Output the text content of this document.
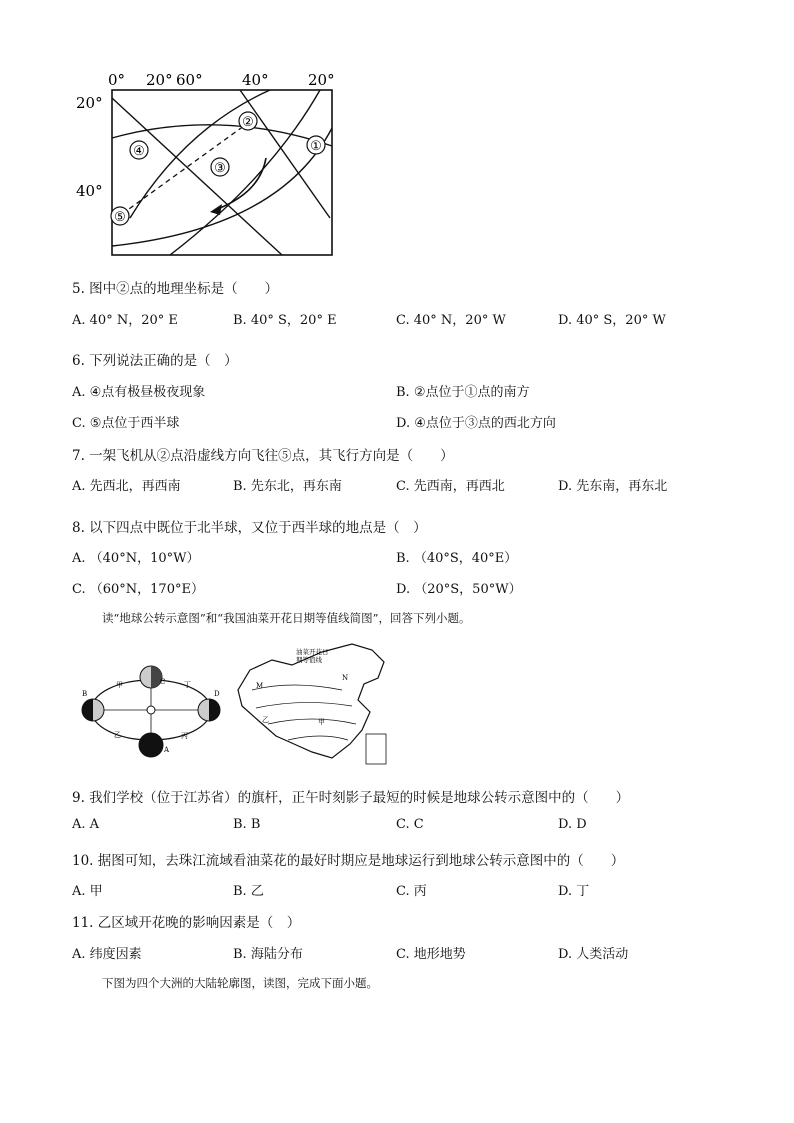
0° 20° 60°	40°	20°
20°
40°
②
①
④
③
⑤
5. 图中②点的地理坐标是（　　）
A. 40° N，20° E	B. 40° S，20° E	C. 40° N，20° W	D. 40° S，20° W
6. 下列说法正确的是（　）
A. ④点有极昼极夜现象	B. ②点位于①点的南方
C. ⑤点位于西半球	D. ④点位于③点的西北方向
7. 一架飞机从②点沿虚线方向飞往⑤点，其飞行方向是（　　）
A. 先西北，再西南	B. 先东北，再东南	C. 先西南，再西北	D. 先东南，再东北
8. 以下四点中既位于北半球，又位于西半球的地点是（　）
A. （40°N，10°W）	B. （40°S，40°E）
C. （60°N，170°E）	D. （20°S，50°W）
读“地球公转示意图”和“我国油菜开花日期等值线简图”，回答下列小题。
C
B	D
A
甲
乙	丙
丁
油菜开花日
期等值线
乙	甲
M
N
9. 我们学校（位于江苏省）的旗杆，正午时刻影子最短的时候是地球公转示意图中的（　　）
A. A	B. B	C. C	D. D
10. 据图可知，去珠江流域看油菜花的最好时期应是地球运行到地球公转示意图中的（　　）
A. 甲	B. 乙	C. 丙	D. 丁
11. 乙区域开花晚的影响因素是（　）
A. 纬度因素	B. 海陆分布	C. 地形地势	D. 人类活动
下图为四个大洲的大陆轮廓图，读图，完成下面小题。
